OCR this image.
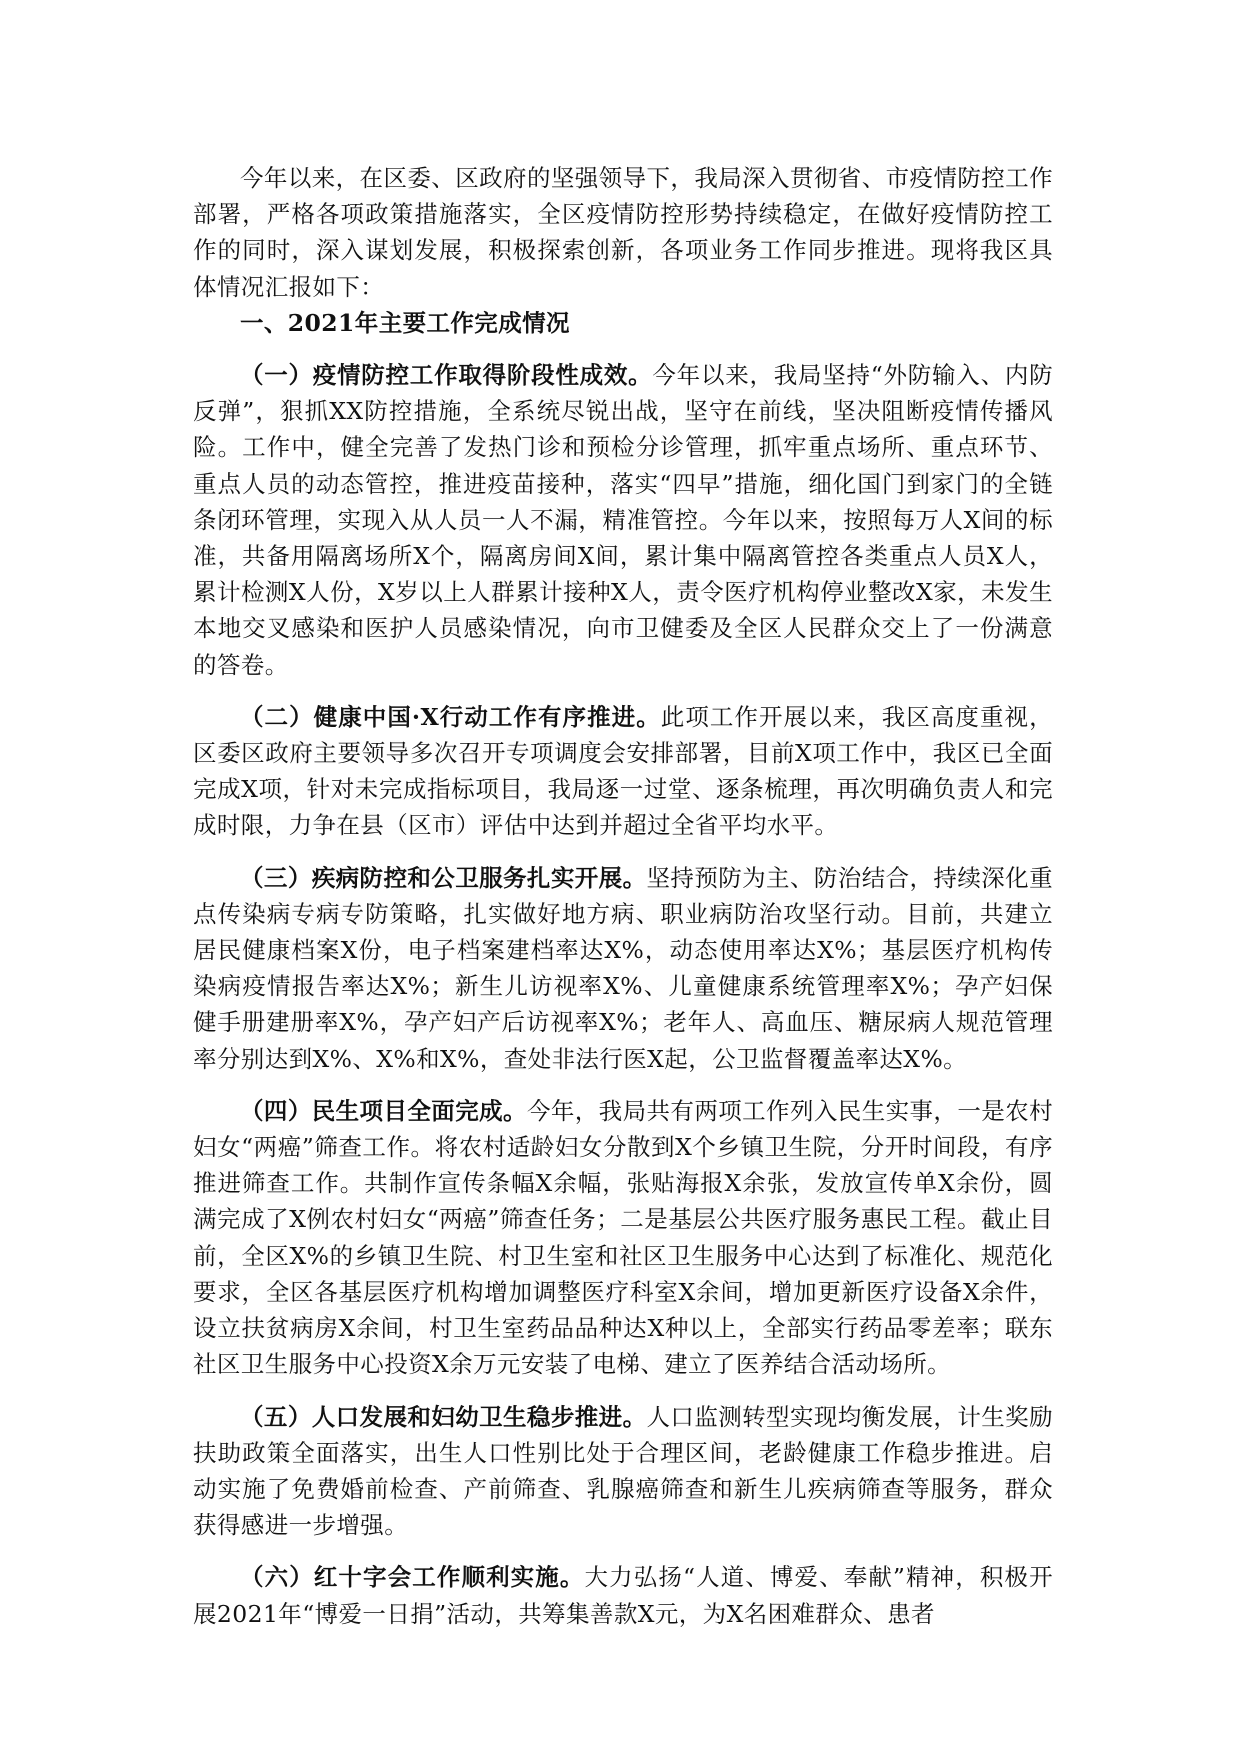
今年以来，在区委、区政府的坚强领导下，我局深入贯彻省、市疫情防控工作部署，严格各项政策措施落实，全区疫情防控形势持续稳定，在做好疫情防控工作的同时，深入谋划发展，积极探索创新，各项业务工作同步推进。现将我区具体情况汇报如下：

一、2021年主要工作完成情况

（一）疫情防控工作取得阶段性成效。今年以来，我局坚持“外防输入、内防反弹”，狠抓XX防控措施，全系统尽锐出战，坚守在前线，坚决阻断疫情传播风险。工作中，健全完善了发热门诊和预检分诊管理，抓牢重点场所、重点环节、重点人员的动态管控，推进疫苗接种，落实“四早”措施，细化国门到家门的全链条闭环管理，实现入从人员一人不漏，精准管控。今年以来，按照每万人X间的标准，共备用隔离场所X个，隔离房间X间，累计集中隔离管控各类重点人员X人，累计检测X人份，X岁以上人群累计接种X人，责令医疗机构停业整改X家，未发生本地交叉感染和医护人员感染情况，向市卫健委及全区人民群众交上了一份满意的答卷。

（二）健康中国·X行动工作有序推进。此项工作开展以来，我区高度重视，区委区政府主要领导多次召开专项调度会安排部署，目前X项工作中，我区已全面完成X项，针对未完成指标项目，我局逐一过堂、逐条梳理，再次明确负责人和完成时限，力争在县（区市）评估中达到并超过全省平均水平。

（三）疾病防控和公卫服务扎实开展。坚持预防为主、防治结合，持续深化重点传染病专病专防策略，扎实做好地方病、职业病防治攻坚行动。目前，共建立居民健康档案X份，电子档案建档率达X%，动态使用率达X%；基层医疗机构传染病疫情报告率达X%；新生儿访视率X%、儿童健康系统管理率X%；孕产妇保健手册建册率X%，孕产妇产后访视率X%；老年人、高血压、糖尿病人规范管理率分别达到X%、X%和X%，查处非法行医X起，公卫监督覆盖率达X%。

（四）民生项目全面完成。今年，我局共有两项工作列入民生实事，一是农村妇女“两癌”筛查工作。将农村适龄妇女分散到X个乡镇卫生院，分开时间段，有序推进筛查工作。共制作宣传条幅X余幅，张贴海报X余张，发放宣传单X余份，圆满完成了X例农村妇女“两癌”筛查任务；二是基层公共医疗服务惠民工程。截止目前，全区X%的乡镇卫生院、村卫生室和社区卫生服务中心达到了标准化、规范化要求，全区各基层医疗机构增加调整医疗科室X余间，增加更新医疗设备X余件，设立扶贫病房X余间，村卫生室药品品种达X种以上，全部实行药品零差率；联东社区卫生服务中心投资X余万元安装了电梯、建立了医养结合活动场所。

（五）人口发展和妇幼卫生稳步推进。人口监测转型实现均衡发展，计生奖励扶助政策全面落实，出生人口性别比处于合理区间，老龄健康工作稳步推进。启动实施了免费婚前检查、产前筛查、乳腺癌筛查和新生儿疾病筛查等服务，群众获得感进一步增强。

（六）红十字会工作顺利实施。大力弘扬“人道、博爱、奉献”精神，积极开展2021年“博爱一日捐”活动，共筹集善款X元，为X名困难群众、患者
